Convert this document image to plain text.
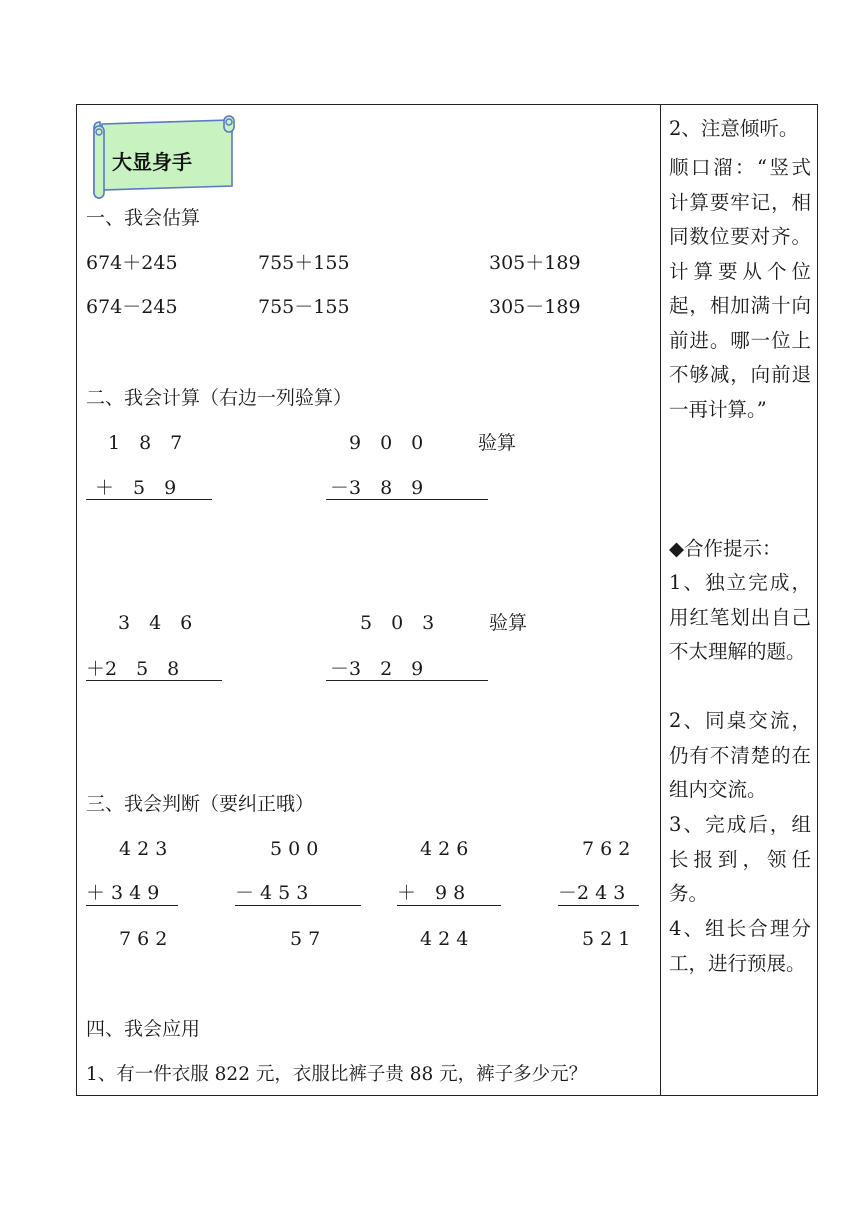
大显身手
一、我会估算
674＋245	755＋155	305＋189
674－245	755－155	305－189
二、我会计算（右边一列验算）
1　8　7
＋　5　9
9　0　0	验算
－3　8　9
3　4　6
＋2　5　8
5　0　3	验算
－3　2　9
三、我会判断（要纠正哦）
4 2 3
＋ 3 4 9
7 6 2
5 0 0
－ 4 5 3
5 7
4 2 6
＋　9 8
4 2 4
7 6 2
－2 4 3
5 2 1
四、我会应用
1、有一件衣服 822 元，衣服比裤子贵 88 元，裤子多少元？
2、注意倾听。
顺口溜：“竖式计算要牢记，相同数位要对齐。计算要从个位起，相加满十向前进。哪一位上不够减，向前退一再计算。”
◆合作提示：
1、独立完成，用红笔划出自己不太理解的题。
2、同桌交流，仍有不清楚的在组内交流。
3、完成后，组长报到，领任务。
4、组长合理分工，进行预展。
